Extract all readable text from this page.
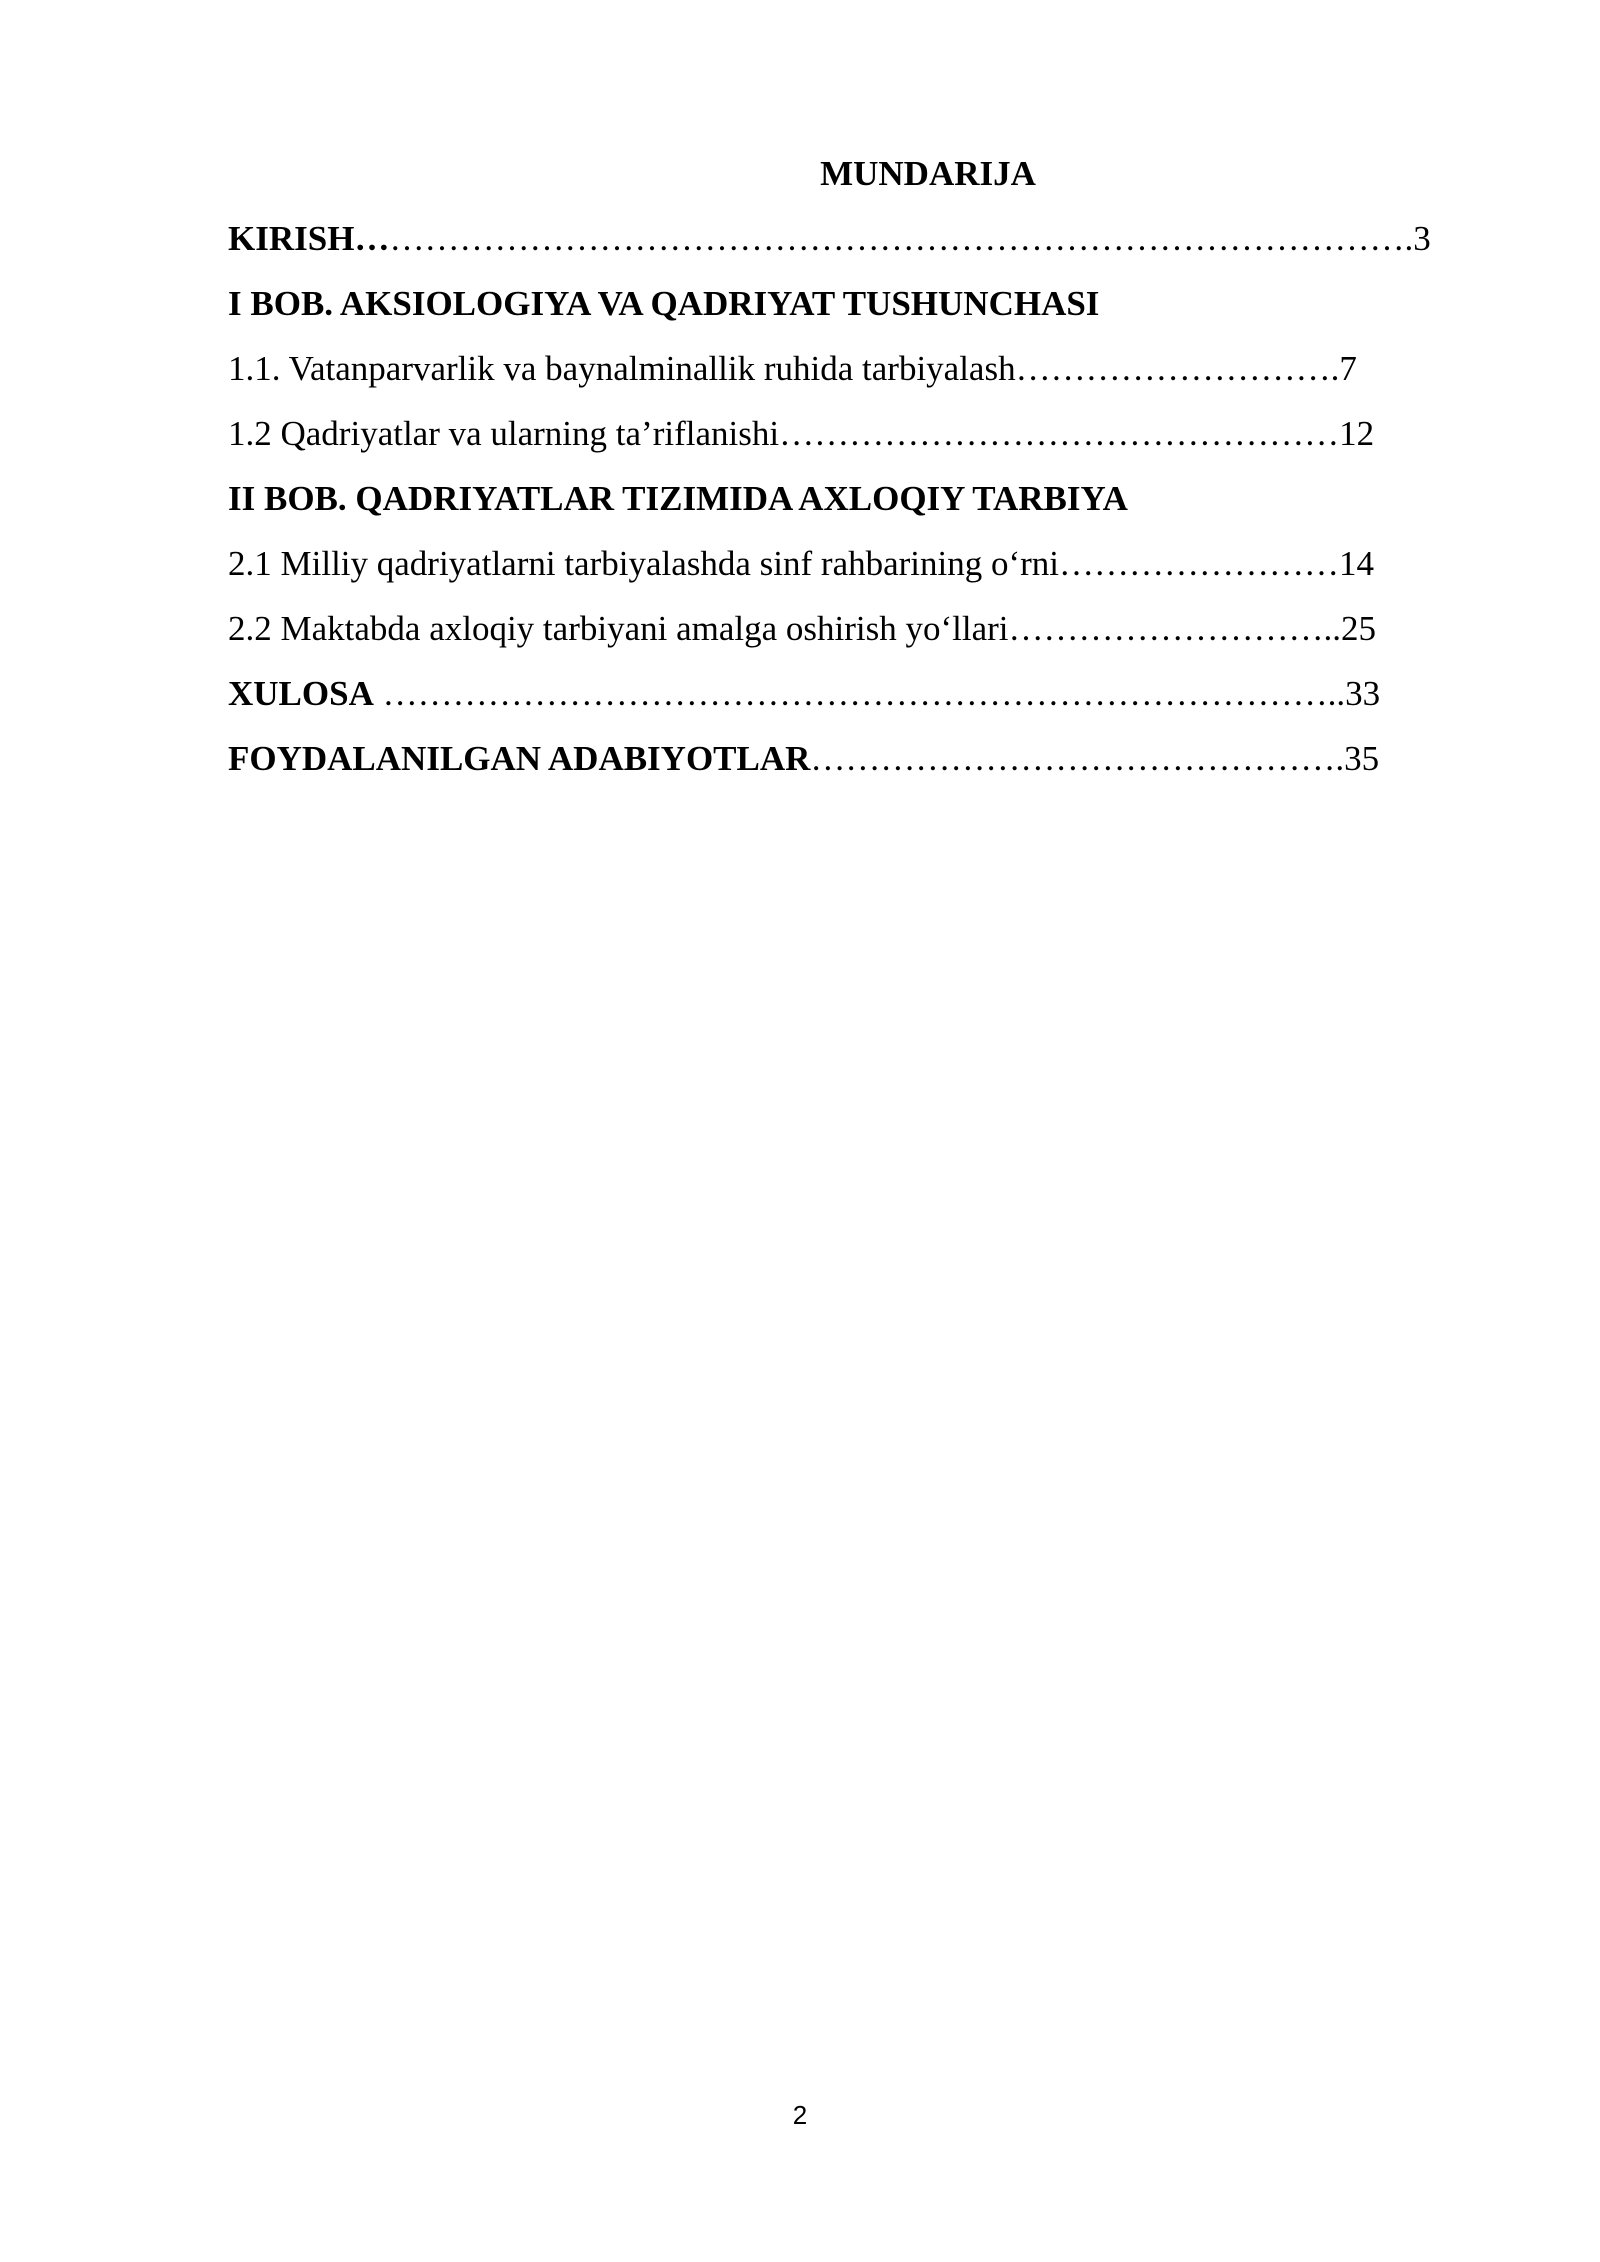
MUNDARIJA
KIRISH……………………………………………………………………………….3
I BOB. AKSIOLOGIYA VA QADRIYAT TUSHUNCHASI
1.1. Vatanparvarlik va baynalminallik ruhida tarbiyalash……………………….7
1.2 Qadriyatlar va ularning ta’riflanishi…………………………………………12
II BOB. QADRIYATLAR TIZIMIDA AXLOQIY TARBIYA
2.1 Milliy qadriyatlarni tarbiyalashda sinf rahbarining o‘rni……………………14
2.2 Maktabda axloqiy tarbiyani amalga oshirish yo‘llari………………………..25
XULOSA ………………………………………………………………………..33
FOYDALANILGAN ADABIYOTLAR……………………………………….35
2
